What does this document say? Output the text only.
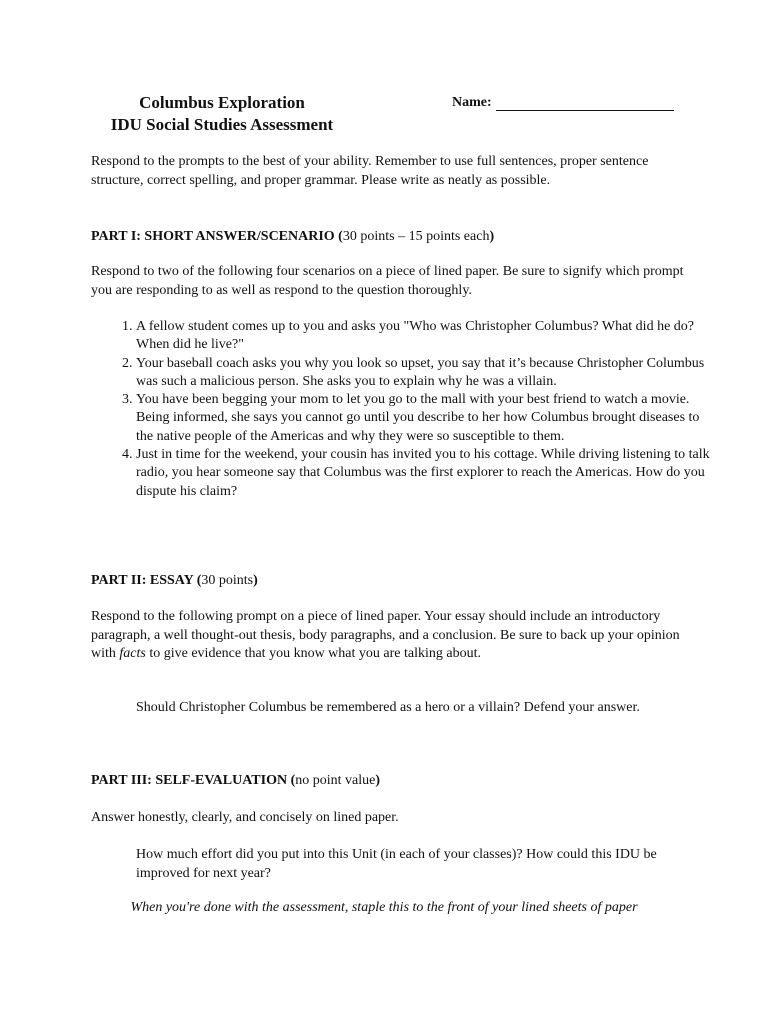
Columbus Exploration
IDU Social Studies Assessment
Name:

Respond to the prompts to the best of your ability. Remember to use full sentences, proper sentence structure, correct spelling, and proper grammar. Please write as neatly as possible.

PART I: SHORT ANSWER/SCENARIO (30 points – 15 points each)

Respond to two of the following four scenarios on a piece of lined paper. Be sure to signify which prompt you are responding to as well as respond to the question thoroughly.

1. A fellow student comes up to you and asks you "Who was Christopher Columbus? What did he do? When did he live?"
2. Your baseball coach asks you why you look so upset, you say that it’s because Christopher Columbus was such a malicious person. She asks you to explain why he was a villain.
3. You have been begging your mom to let you go to the mall with your best friend to watch a movie. Being informed, she says you cannot go until you describe to her how Columbus brought diseases to the native people of the Americas and why they were so susceptible to them.
4. Just in time for the weekend, your cousin has invited you to his cottage. While driving listening to talk radio, you hear someone say that Columbus was the first explorer to reach the Americas. How do you dispute his claim?
PART II: ESSAY (30 points)

Respond to the following prompt on a piece of lined paper. Your essay should include an introductory paragraph, a well thought-out thesis, body paragraphs, and a conclusion. Be sure to back up your opinion with facts to give evidence that you know what you are talking about.

Should Christopher Columbus be remembered as a hero or a villain? Defend your answer.

PART III: SELF-EVALUATION (no point value)

Answer honestly, clearly, and concisely on lined paper.

How much effort did you put into this Unit (in each of your classes)? How could this IDU be improved for next year?

When you're done with the assessment, staple this to the front of your lined sheets of paper
